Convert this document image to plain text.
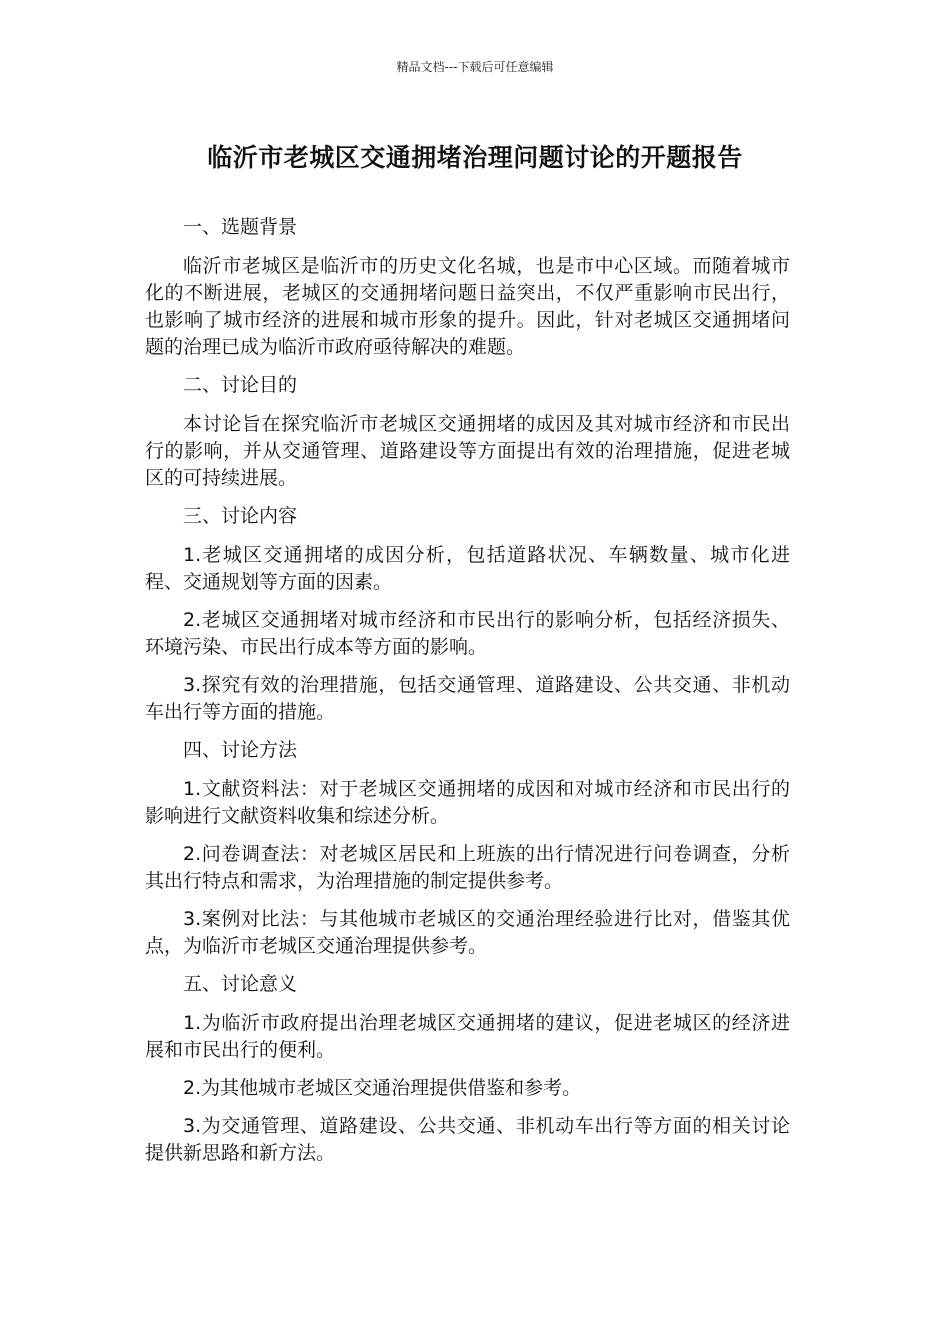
精品文档---下载后可任意编辑
临沂市老城区交通拥堵治理问题讨论的开题报告

一、选题背景

临沂市老城区是临沂市的历史文化名城，也是市中心区域。而随着城市化的不断进展，老城区的交通拥堵问题日益突出，不仅严重影响市民出行，也影响了城市经济的进展和城市形象的提升。因此，针对老城区交通拥堵问题的治理已成为临沂市政府亟待解决的难题。

二、讨论目的

本讨论旨在探究临沂市老城区交通拥堵的成因及其对城市经济和市民出行的影响，并从交通管理、道路建设等方面提出有效的治理措施，促进老城区的可持续进展。

三、讨论内容

1.老城区交通拥堵的成因分析，包括道路状况、车辆数量、城市化进程、交通规划等方面的因素。

2.老城区交通拥堵对城市经济和市民出行的影响分析，包括经济损失、环境污染、市民出行成本等方面的影响。

3.探究有效的治理措施，包括交通管理、道路建设、公共交通、非机动车出行等方面的措施。

四、讨论方法

1.文献资料法：对于老城区交通拥堵的成因和对城市经济和市民出行的影响进行文献资料收集和综述分析。

2.问卷调查法：对老城区居民和上班族的出行情况进行问卷调查，分析其出行特点和需求，为治理措施的制定提供参考。

3.案例对比法：与其他城市老城区的交通治理经验进行比对，借鉴其优点，为临沂市老城区交通治理提供参考。

五、讨论意义

1.为临沂市政府提出治理老城区交通拥堵的建议，促进老城区的经济进展和市民出行的便利。

2.为其他城市老城区交通治理提供借鉴和参考。

3.为交通管理、道路建设、公共交通、非机动车出行等方面的相关讨论提供新思路和新方法。
